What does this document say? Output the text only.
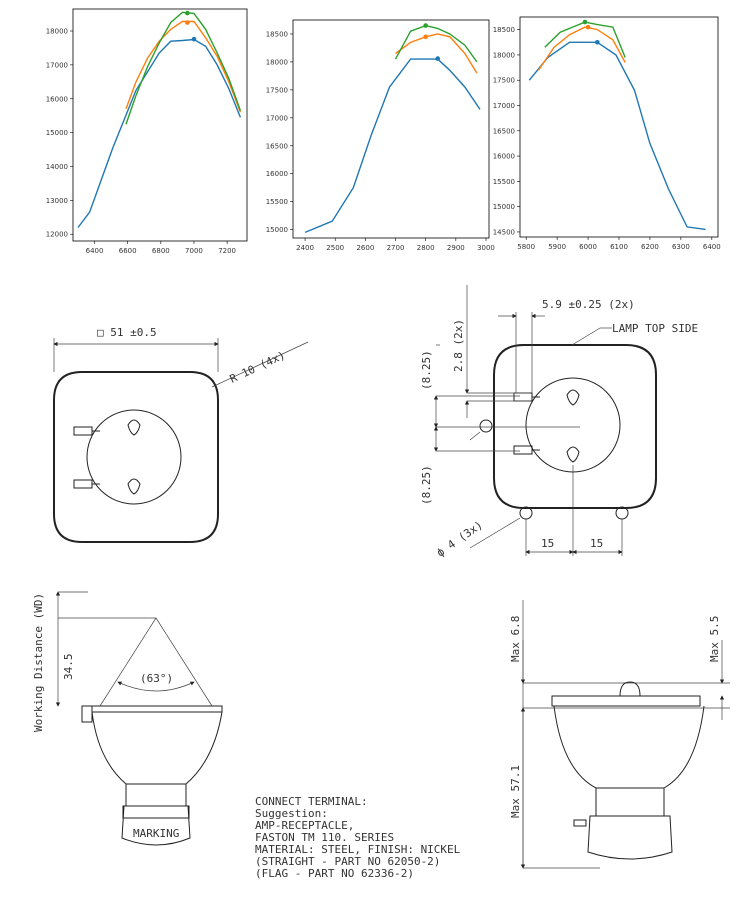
6400 6600 6800 7000 7200
12000
13000
14000
15000
16000
17000
18000
2400 2500 2600 2700 2800 2900 3000
15000
15500
16000
16500
17000
17500
18000
18500
5800 5900 6000 6100 6200 6300 6400
14500
15000
15500
16000
16500
17000
17500
18000
18500
□ 51 ±0.5
R 10 (4x)
5.9 ±0.25 (2x)
LAMP TOP SIDE
2.8 (2x)
(8.25)
(8.25)
ϕ 4 (3x)	15	15
Working Distance (WD) 34.5	(63°)
MARKING
CONNECT TERMINAL:
Suggestion:
AMP-RECEPTACLE,
FASTON TM 110. SERIES
MATERIAL: STEEL, FINISH: NICKEL
(STRAIGHT - PART NO 62050-2)
(FLAG - PART NO 62336-2)
Max 6.8	Max 5.5
Max 57.1
